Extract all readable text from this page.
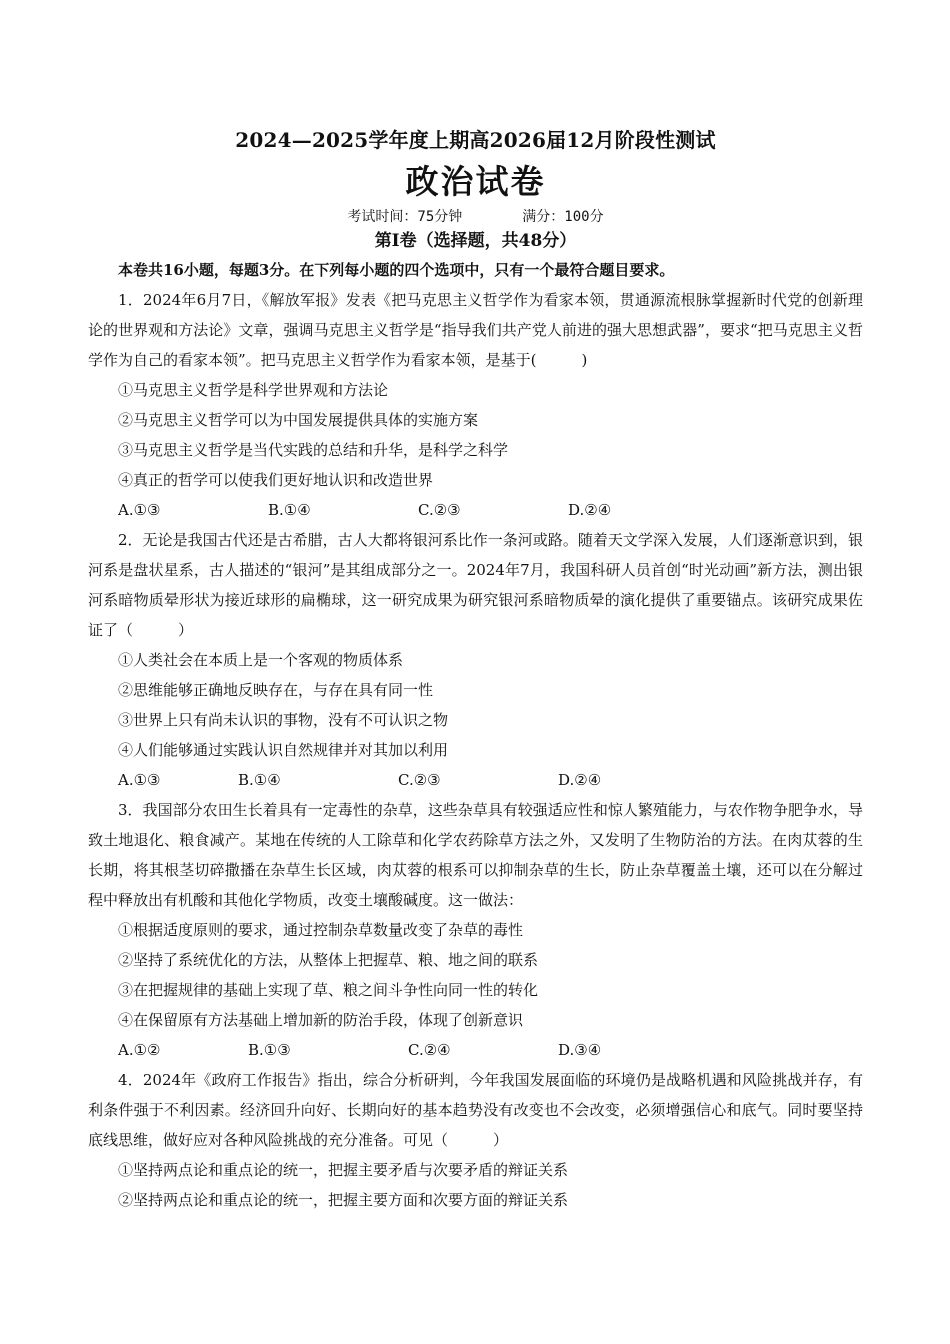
2024—2025学年度上期高2026届12月阶段性测试

政治试卷

考试时间：75分钟	满分：100分

第Ⅰ卷（选择题，共48分）

本卷共16小题，每题3分。在下列每小题的四个选项中，只有一个最符合题目要求。

1．2024年6月7日，《解放军报》发表《把马克思主义哲学作为看家本领，贯通源流根脉掌握新时代党的创新理论的世界观和方法论》文章，强调马克思主义哲学是“指导我们共产党人前进的强大思想武器”，要求“把马克思主义哲学作为自己的看家本领”。把马克思主义哲学作为看家本领，是基于(　　　)

①马克思主义哲学是科学世界观和方法论

②马克思主义哲学可以为中国发展提供具体的实施方案

③马克思主义哲学是当代实践的总结和升华，是科学之科学

④真正的哲学可以使我们更好地认识和改造世界

A.①③	B.①④	C.②③	D.②④

2．无论是我国古代还是古希腊，古人大都将银河系比作一条河或路。随着天文学深入发展，人们逐渐意识到，银河系是盘状星系，古人描述的“银河”是其组成部分之一。2024年7月，我国科研人员首创“时光动画”新方法，测出银河系暗物质晕形状为接近球形的扁椭球，这一研究成果为研究银河系暗物质晕的演化提供了重要锚点。该研究成果佐证了（　　　）

①人类社会在本质上是一个客观的物质体系

②思维能够正确地反映存在，与存在具有同一性

③世界上只有尚未认识的事物，没有不可认识之物

④人们能够通过实践认识自然规律并对其加以利用

A.①③	B.①④	C.②③	D.②④

3．我国部分农田生长着具有一定毒性的杂草，这些杂草具有较强适应性和惊人繁殖能力，与农作物争肥争水，导致土地退化、粮食减产。某地在传统的人工除草和化学农药除草方法之外，又发明了生物防治的方法。在肉苁蓉的生长期，将其根茎切碎撒播在杂草生长区域，肉苁蓉的根系可以抑制杂草的生长，防止杂草覆盖土壤，还可以在分解过程中释放出有机酸和其他化学物质，改变土壤酸碱度。这一做法：

①根据适度原则的要求，通过控制杂草数量改变了杂草的毒性

②坚持了系统优化的方法，从整体上把握草、粮、地之间的联系

③在把握规律的基础上实现了草、粮之间斗争性向同一性的转化

④在保留原有方法基础上增加新的防治手段，体现了创新意识

A.①②	B.①③	C.②④	D.③④

4．2024年《政府工作报告》指出，综合分析研判，今年我国发展面临的环境仍是战略机遇和风险挑战并存，有利条件强于不利因素。经济回升向好、长期向好的基本趋势没有改变也不会改变，必须增强信心和底气。同时要坚持底线思维，做好应对各种风险挑战的充分准备。可见（　　　）

①坚持两点论和重点论的统一，把握主要矛盾与次要矛盾的辩证关系

②坚持两点论和重点论的统一，把握主要方面和次要方面的辩证关系
